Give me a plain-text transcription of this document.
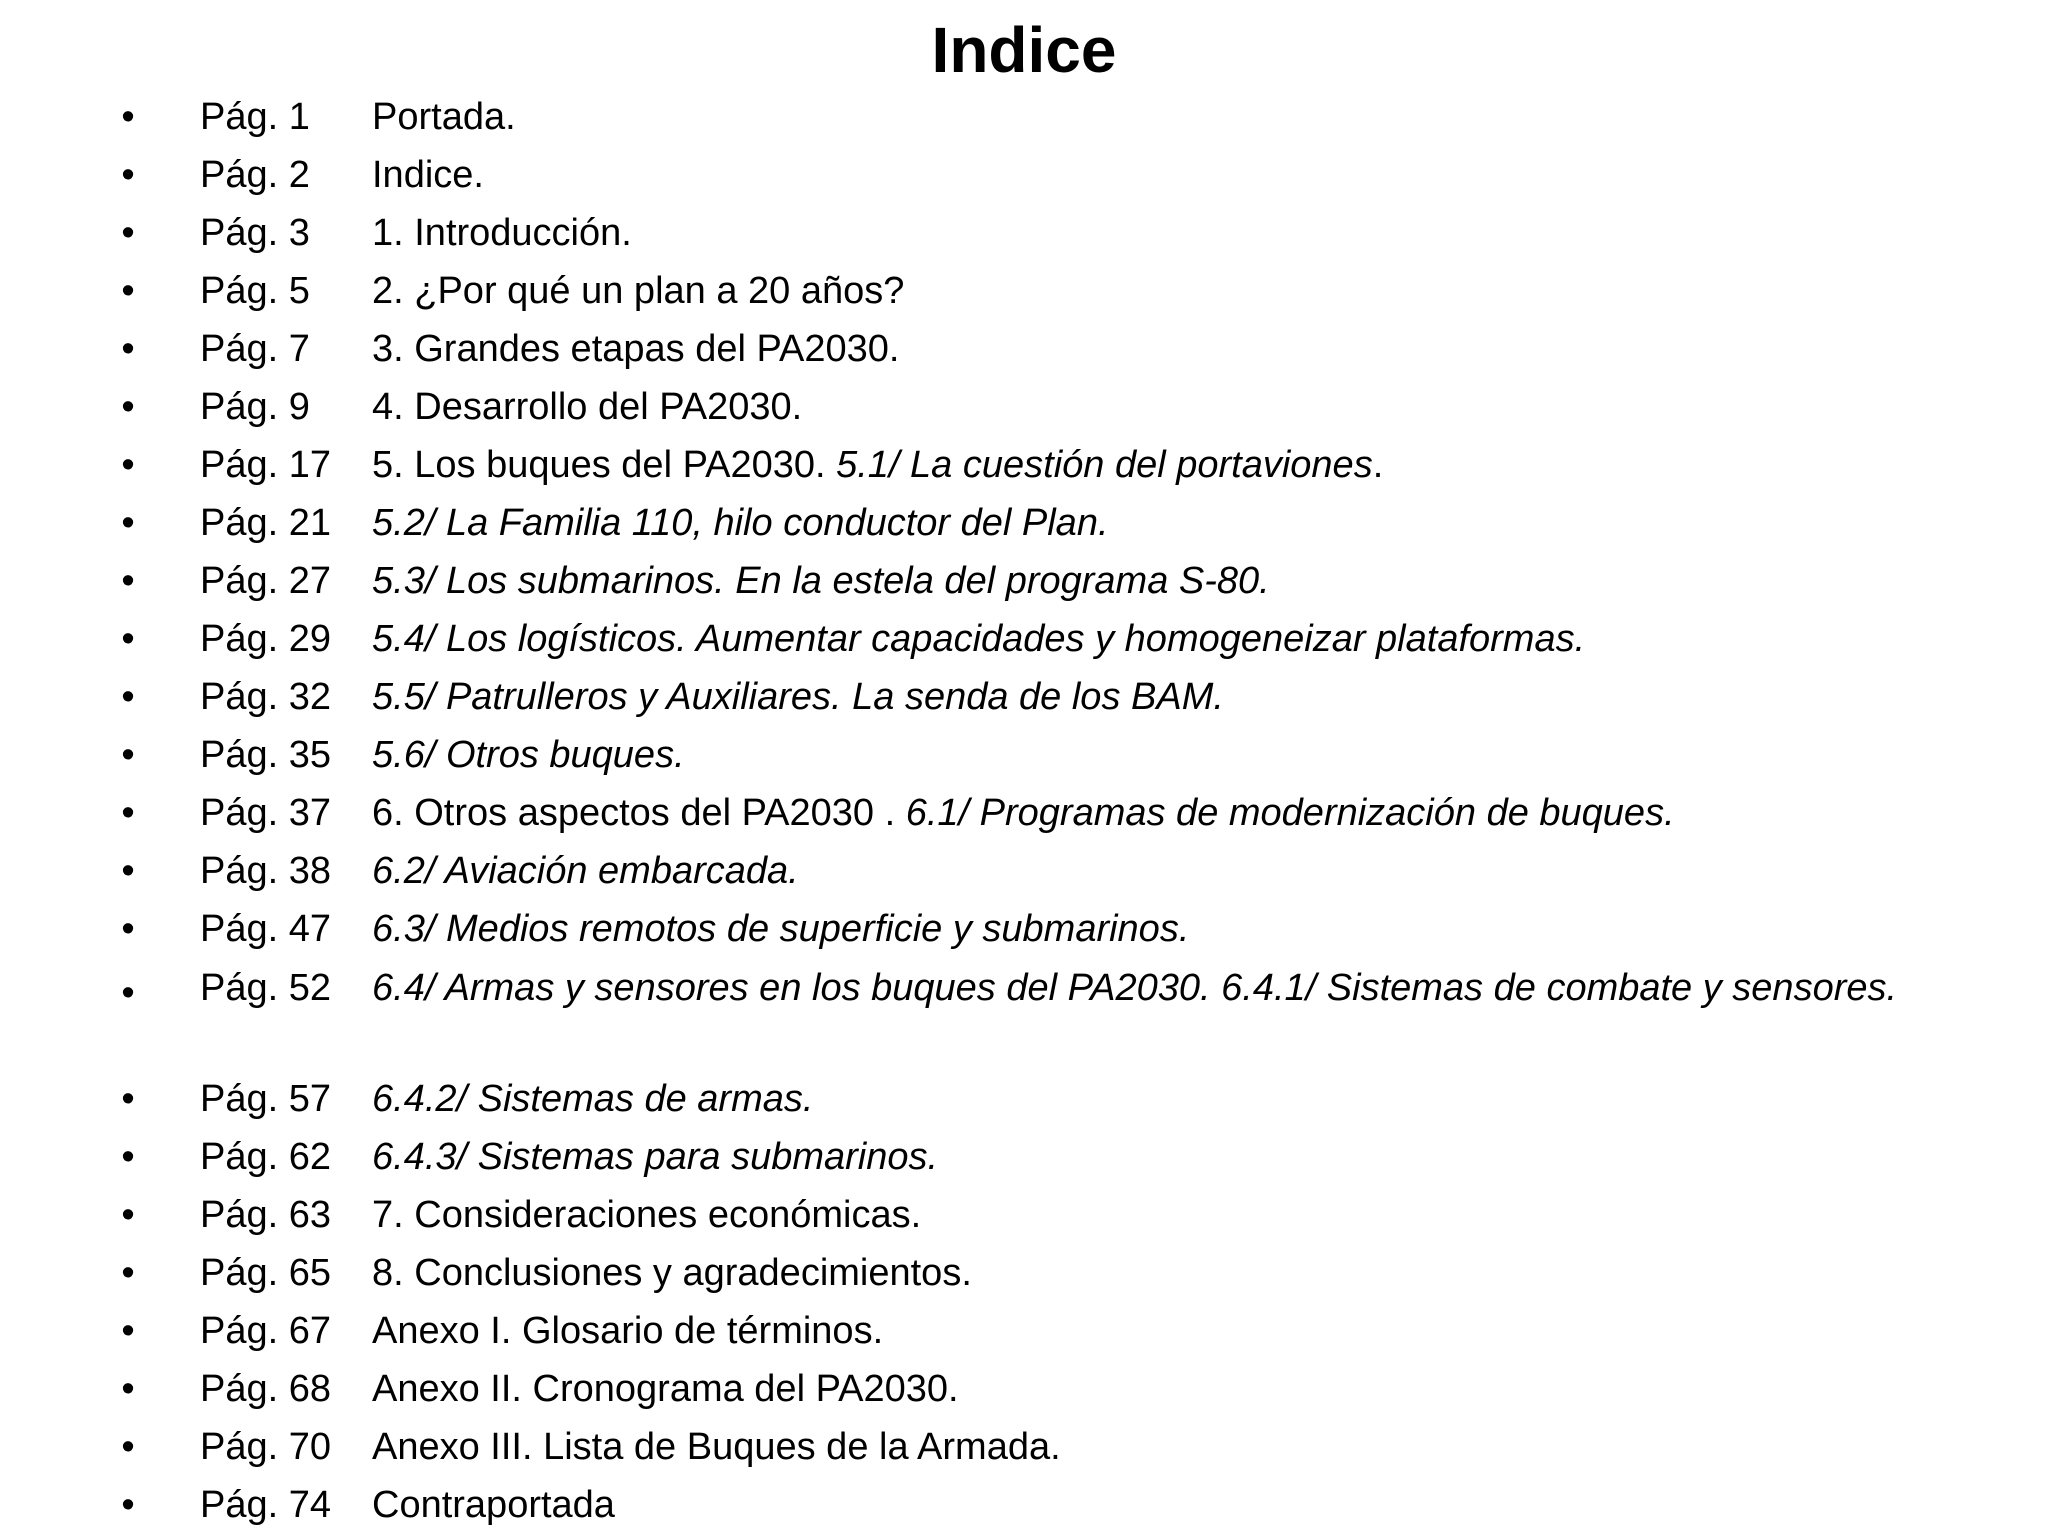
Indice
• Pág. 1 Portada.
• Pág. 2 Indice.
• Pág. 3 1. Introducción.
• Pág. 5 2. ¿Por qué un plan a 20 años?
• Pág. 7 3. Grandes etapas del PA2030.
• Pág. 9 4. Desarrollo del PA2030.
• Pág. 17 5. Los buques del PA2030. 5.1/ La cuestión del portaviones.
• Pág. 21 5.2/ La Familia 110, hilo conductor del Plan.
• Pág. 27 5.3/ Los submarinos. En la estela del programa S-80.
• Pág. 29 5.4/ Los logísticos. Aumentar capacidades y homogeneizar plataformas.
• Pág. 32 5.5/ Patrulleros y Auxiliares. La senda de los BAM.
• Pág. 35 5.6/ Otros buques.
• Pág. 37 6. Otros aspectos del PA2030 . 6.1/ Programas de modernización de buques.
• Pág. 38 6.2/ Aviación embarcada.
• Pág. 47 6.3/ Medios remotos de superficie y submarinos.
• Pág. 52 6.4/ Armas y sensores en los buques del PA2030. 6.4.1/ Sistemas de combate y sensores.
• Pág. 57 6.4.2/ Sistemas de armas.
• Pág. 62 6.4.3/ Sistemas para submarinos.
• Pág. 63 7. Consideraciones económicas.
• Pág. 65 8. Conclusiones y agradecimientos.
• Pág. 67 Anexo I. Glosario de términos.
• Pág. 68 Anexo II. Cronograma del PA2030.
• Pág. 70 Anexo III. Lista de Buques de la Armada.
• Pág. 74 Contraportada
